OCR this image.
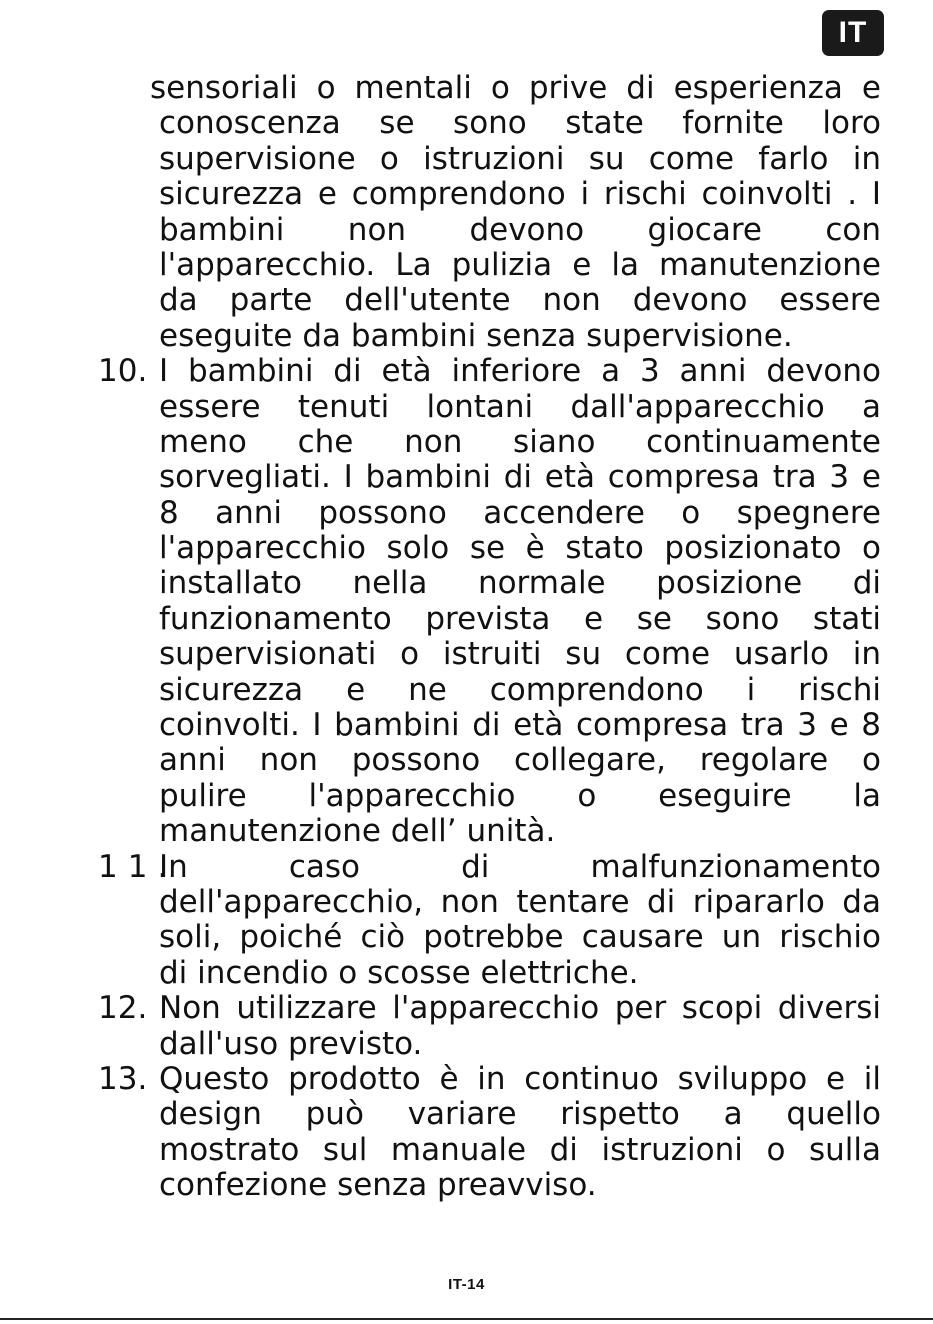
IT
sensoriali o mentali o prive di esperienza e
conoscenza se sono state fornite loro
supervisione o istruzioni su come farlo in
sicurezza e comprendono i rischi coinvolti . I
bambini non devono giocare con
l'apparecchio. La pulizia e la manutenzione
da parte dell'utente non devono essere
eseguite da bambini senza supervisione.
10. I bambini di età inferiore a 3 anni devono
essere tenuti lontani dall'apparecchio a
meno che non siano continuamente
sorvegliati. I bambini di età compresa tra 3 e
8 anni possono accendere o spegnere
l'apparecchio solo se è stato posizionato o
installato nella normale posizione di
funzionamento prevista e se sono stati
supervisionati o istruiti su come usarlo in
sicurezza e ne comprendono i rischi
coinvolti. I bambini di età compresa tra 3 e 8
anni non possono collegare, regolare o
pulire l'apparecchio o eseguire la
manutenzione dell’ unità.
11.
In caso di malfunzionamento
dell'apparecchio, non tentare di ripararlo da
soli, poiché ciò potrebbe causare un rischio
di incendio o scosse elettriche.
12. Non utilizzare l'apparecchio per scopi diversi
dall'uso previsto.
13. Questo prodotto è in continuo sviluppo e il
design può variare rispetto a quello
mostrato sul manuale di istruzioni o sulla
confezione senza preavviso.
IT-14
